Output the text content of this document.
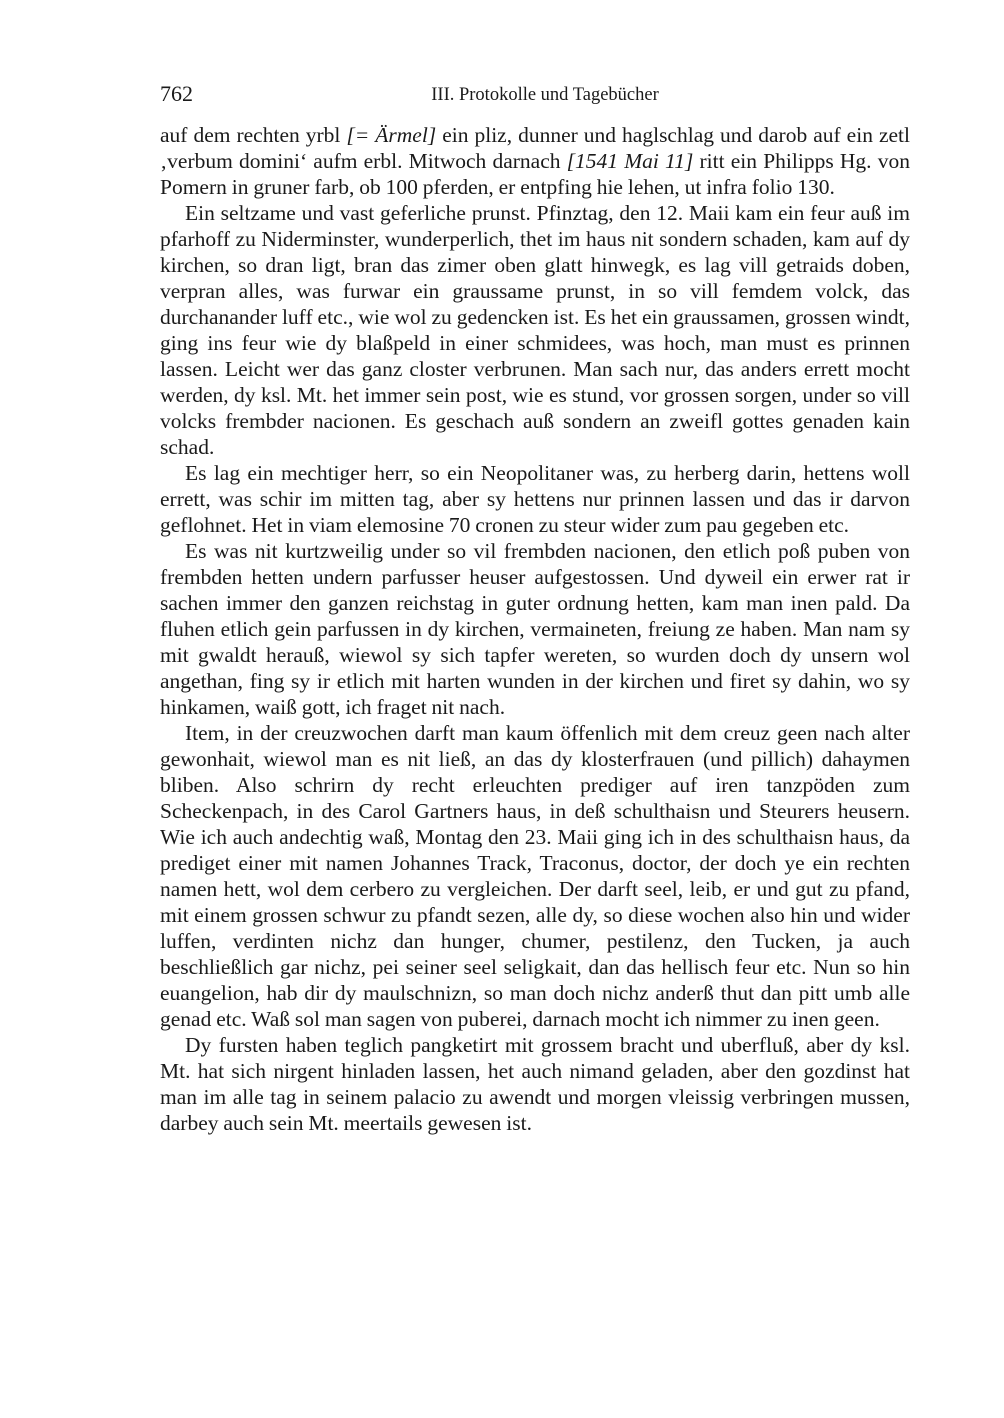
762	III. Protokolle und Tagebücher

auf dem rechten yrbl [= Ärmel] ein pliz, dunner und haglschlag und darob auf ein zetl ‚verbum domini‘ aufm erbl. Mitwoch darnach [1541 Mai 11] ritt ein Philipps Hg. von Pomern in gruner farb, ob 100 pferden, er entpfing hie lehen, ut infra folio 130.

Ein seltzame und vast geferliche prunst. Pfinztag, den 12. Maii kam ein feur auß im pfarhoff zu Niderminster, wunderperlich, thet im haus nit sondern schaden, kam auf dy kirchen, so dran ligt, bran das zimer oben glatt hinwegk, es lag vill getraids doben, verpran alles, was furwar ein graussame prunst, in so vill femdem volck, das durchanander luff etc., wie wol zu gedencken ist. Es het ein graussamen, grossen windt, ging ins feur wie dy blaßpeld in einer schmidees, was hoch, man must es prinnen lassen. Leicht wer das ganz closter verbrunen. Man sach nur, das anders errett mocht werden, dy ksl. Mt. het immer sein post, wie es stund, vor grossen sorgen, under so vill volcks frembder nacionen. Es geschach auß sondern an zweifl gottes genaden kain schad.

Es lag ein mechtiger herr, so ein Neopolitaner was, zu herberg darin, hettens woll errett, was schir im mitten tag, aber sy hettens nur prinnen lassen und das ir darvon geflohnet. Het in viam elemosine 70 cronen zu steur wider zum pau gegeben etc.

Es was nit kurtzweilig under so vil frembden nacionen, den etlich poß puben von frembden hetten undern parfusser heuser aufgestossen. Und dyweil ein erwer rat ir sachen immer den ganzen reichstag in guter ordnung hetten, kam man inen pald. Da fluhen etlich gein parfussen in dy kirchen, vermaineten, freiung ze haben. Man nam sy mit gwaldt herauß, wiewol sy sich tapfer wereten, so wurden doch dy unsern wol angethan, fing sy ir etlich mit harten wunden in der kirchen und firet sy dahin, wo sy hinkamen, waiß gott, ich fraget nit nach.

Item, in der creuzwochen darft man kaum öffenlich mit dem creuz geen nach alter gewonhait, wiewol man es nit ließ, an das dy klosterfrauen (und pillich) dahaymen bliben. Also schrirn dy recht erleuchten prediger auf iren tanzpöden zum Scheckenpach, in des Carol Gartners haus, in deß schulthaisn und Steurers heusern. Wie ich auch andechtig waß, Montag den 23. Maii ging ich in des schulthaisn haus, da prediget einer mit namen Johannes Track, Traconus, doctor, der doch ye ein rechten namen hett, wol dem cerbero zu vergleichen. Der darft seel, leib, er und gut zu pfand, mit einem grossen schwur zu pfandt sezen, alle dy, so diese wochen also hin und wider luffen, verdinten nichz dan hunger, chumer, pestilenz, den Tucken, ja auch beschließlich gar nichz, pei seiner seel seligkait, dan das hellisch feur etc. Nun so hin euangelion, hab dir dy maulschnizn, so man doch nichz anderß thut dan pitt umb alle genad etc. Waß sol man sagen von puberei, darnach mocht ich nimmer zu inen geen.

Dy fursten haben teglich pangketirt mit grossem bracht und uberfluß, aber dy ksl. Mt. hat sich nirgent hinladen lassen, het auch nimand geladen, aber den gozdinst hat man im alle tag in seinem palacio zu awendt und morgen vleissig verbringen mussen, darbey auch sein Mt. meertails gewesen ist.
